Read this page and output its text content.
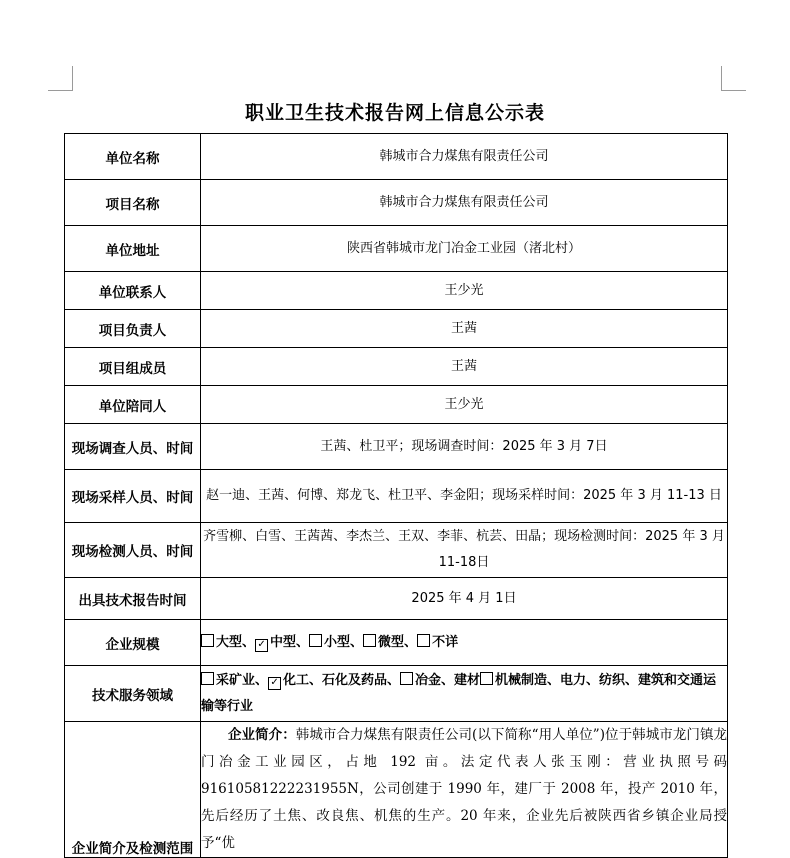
职业卫生技术报告网上信息公示表
单位名称	韩城市合力煤焦有限责任公司
项目名称	韩城市合力煤焦有限责任公司
单位地址	陕西省韩城市龙门冶金工业园（渚北村）
单位联系人	王少光
项目负责人	王茜
项目组成员	王茜
单位陪同人	王少光
现场调查人员、时间	王茜、杜卫平；现场调查时间：2025 年 3 月 7日
现场采样人员、时间	赵一迪、王茜、何博、郑龙飞、杜卫平、李金阳；现场采样时间：2025 年 3 月 11-13 日
现场检测人员、时间	齐雪柳、白雪、王茜茜、李杰兰、王双、李菲、杭芸、田晶；现场检测时间：2025 年 3 月 11-18日
出具技术报告时间	2025 年 4 月 1日
企业规模	大型、 ✓ 中型、 小型、 微型、 不详
技术服务领域	采矿业、 ✓ 化工、石化及药品、 冶金、建材 机械制造、电力、纺织、建筑和交通运输等行业
企业简介及检测范围	企业简介：韩城市合力煤焦有限责任公司(以下简称“用人单位”)位于韩城市龙门镇龙门冶金工业园区，占地 192 亩。法定代表人张玉刚：营业执照号码 91610581222231955N，公司创建于 1990 年，建厂于 2008 年，投产 2010 年，先后经历了土焦、改良焦、机焦的生产。20 年来，企业先后被陕西省乡镇企业局授予“优
